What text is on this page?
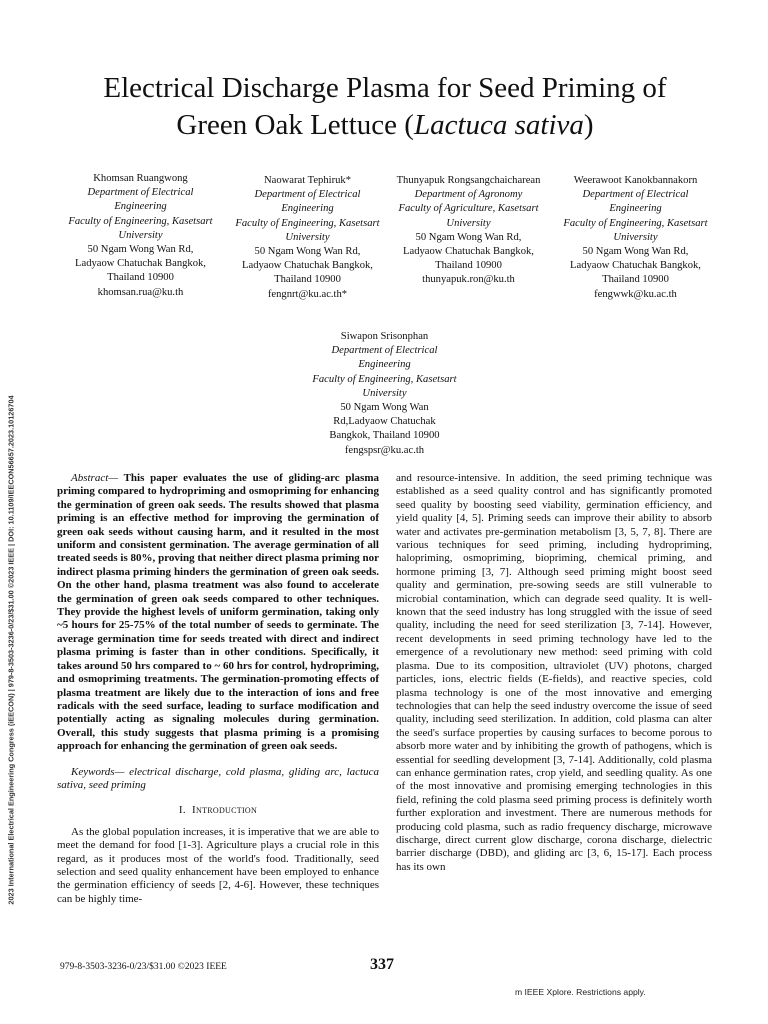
2023 International Electrical Engineering Congress (iEECON) | 979-8-3503-3236-0/23/$31.00 ©2023 IEEE | DOI: 10.1109/IEECON56657.2023.10126704
Electrical Discharge Plasma for Seed Priming of
Green Oak Lettuce (Lactuca sativa)
Khomsan Ruangwong
Department of Electrical
Engineering
Faculty of Engineering, Kasetsart
University
50 Ngam Wong Wan Rd,
Ladyaow Chatuchak Bangkok,
Thailand 10900
khomsan.rua@ku.th
Naowarat Tephiruk*
Department of Electrical
Engineering
Faculty of Engineering, Kasetsart
University
50 Ngam Wong Wan Rd,
Ladyaow Chatuchak Bangkok,
Thailand 10900
fengnrt@ku.ac.th*
Thunyapuk Rongsangchaicharean
Department of Agronomy
Faculty of Agriculture, Kasetsart
University
50 Ngam Wong Wan Rd,
Ladyaow Chatuchak Bangkok,
Thailand 10900
thunyapuk.ron@ku.th
Weerawoot Kanokbannakorn
Department of Electrical
Engineering
Faculty of Engineering, Kasetsart
University
50 Ngam Wong Wan Rd,
Ladyaow Chatuchak Bangkok,
Thailand 10900
fengwwk@ku.ac.th
Siwapon Srisonphan
Department of Electrical
Engineering
Faculty of Engineering, Kasetsart
University
50 Ngam Wong Wan
Rd,Ladyaow Chatuchak
Bangkok, Thailand 10900
fengspsr@ku.ac.th

Abstract— This paper evaluates the use of gliding-arc plasma priming compared to hydropriming and osmopriming for enhancing the germination of green oak seeds. The results showed that plasma priming is an effective method for improving the germination of green oak seeds without causing harm, and it resulted in the most uniform and consistent germination. The average germination of all treated seeds is 80%, proving that neither direct plasma priming nor indirect plasma priming hinders the germination of green oak seeds. On the other hand, plasma treatment was also found to accelerate the germination of green oak seeds compared to other techniques. They provide the highest levels of uniform germination, taking only ~5 hours for 25-75% of the total number of seeds to germinate. The average germination time for seeds treated with direct and indirect plasma priming is faster than in other conditions. Specifically, it takes around 50 hrs compared to ~ 60 hrs for control, hydropriming, and osmopriming treatments. The germination-promoting effects of plasma treatment are likely due to the interaction of ions and free radicals with the seed surface, leading to surface modification and potentially acting as signaling molecules during germination. Overall, this study suggests that plasma priming is a promising approach for enhancing the germination of green oak seeds.

Keywords— electrical discharge, cold plasma, gliding arc, lactuca sativa, seed priming

I. Introduction

As the global population increases, it is imperative that we are able to meet the demand for food [1-3]. Agriculture plays a crucial role in this regard, as it produces most of the world's food. Traditionally, seed selection and seed quality enhancement have been employed to enhance the germination efficiency of seeds [2, 4-6]. However, these techniques can be highly time-

and resource-intensive. In addition, the seed priming technique was established as a seed quality control and has significantly promoted seed quality by boosting seed viability, germination efficiency, and yield quality [4, 5]. Priming seeds can improve their ability to absorb water and activates pre-germination metabolism [3, 5, 7, 8]. There are various techniques for seed priming, including hydropriming, halopriming, osmopriming, biopriming, chemical priming, and hormone priming [3, 7]. Although seed priming might boost seed quality and germination, pre-sowing seeds are still vulnerable to microbial contamination, which can degrade seed quality. It is well-known that the seed industry has long struggled with the issue of seed quality, including the need for seed sterilization [3, 7-14]. However, recent developments in seed priming technology have led to the emergence of a revolutionary new method: seed priming with cold plasma. Due to its composition, ultraviolet (UV) photons, charged particles, ions, electric fields (E-fields), and reactive species, cold plasma technology is one of the most innovative and emerging technologies that can help the seed industry overcome the issue of seed quality, including seed sterilization. In addition, cold plasma can alter the seed's surface properties by causing surfaces to become porous to absorb more water and by inhibiting the growth of pathogens, which is essential for seedling development [3, 7-14]. Additionally, cold plasma can enhance germination rates, crop yield, and seedling quality. As one of the most innovative and promising emerging technologies in this field, refining the cold plasma seed priming process is definitely worth further exploration and investment. There are numerous methods for producing cold plasma, such as radio frequency discharge, microwave discharge, direct current glow discharge, corona discharge, dielectric barrier discharge (DBD), and gliding arc [3, 6, 15-17]. Each process has its own

979-8-3503-3236-0/23/$31.00 ©2023 IEEE	337
m IEEE Xplore. Restrictions apply.
